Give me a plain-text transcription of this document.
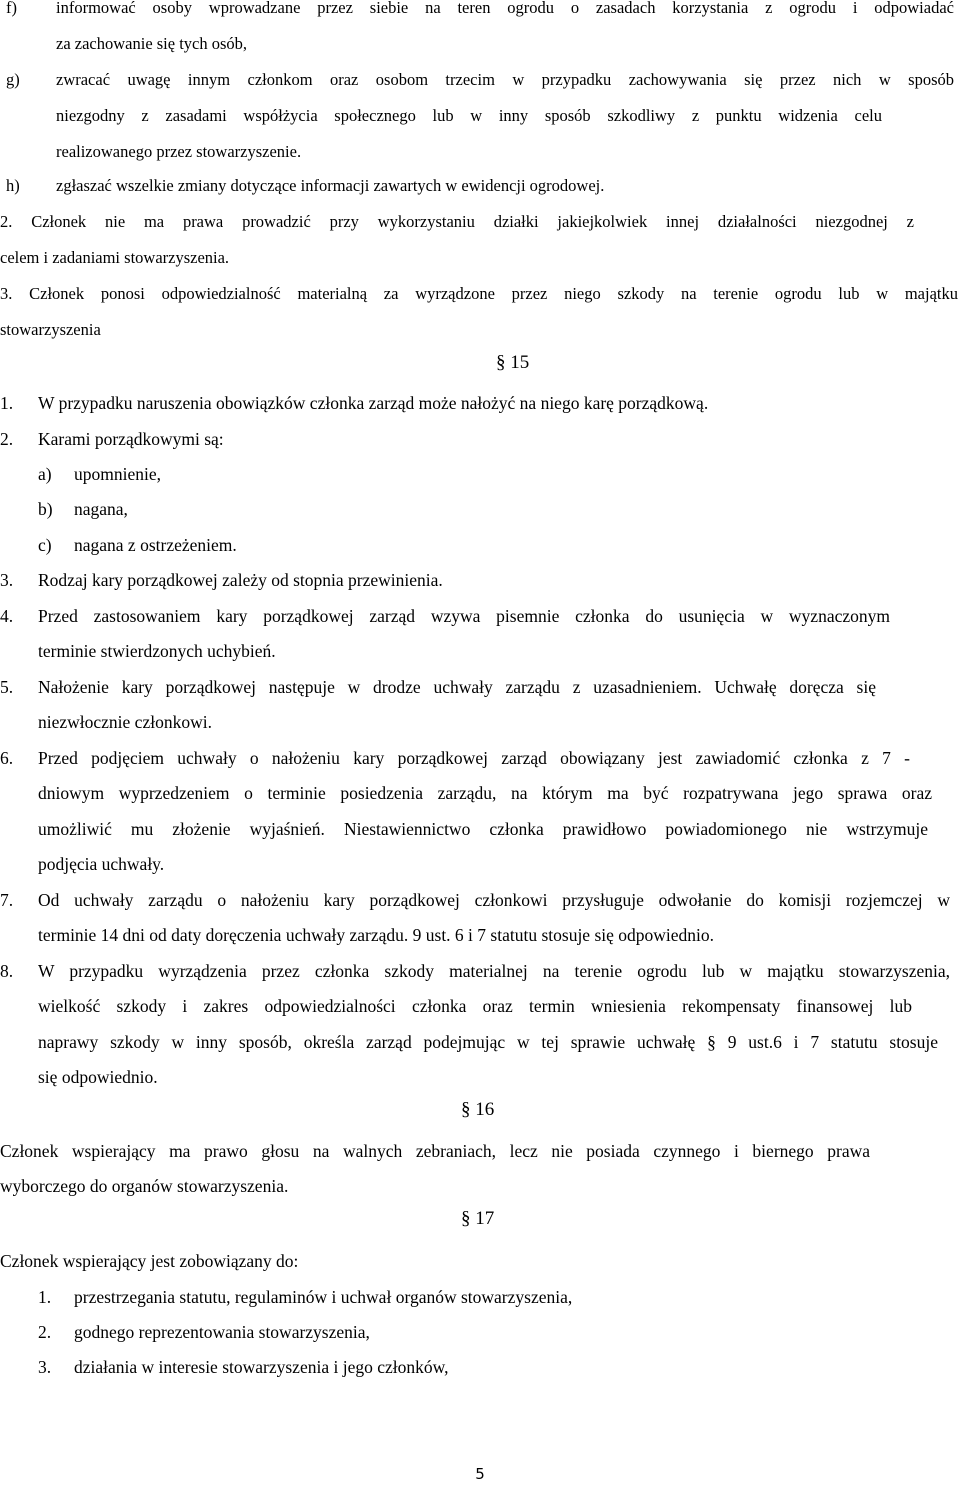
f) informować osoby wprowadzane przez siebie na teren ogrodu o zasadach korzystania z ogrodu i odpowiadać
za zachowanie się tych osób,
g) zwracać uwagę innym członkom oraz osobom trzecim w przypadku zachowywania się przez nich w sposób
niezgodny z zasadami współżycia społecznego lub w inny sposób szkodliwy z punktu widzenia celu
realizowanego przez stowarzyszenie.
h) zgłaszać wszelkie zmiany dotyczące informacji zawartych w ewidencji ogrodowej.
2. Członek nie ma prawa prowadzić przy wykorzystaniu działki jakiejkolwiek innej działalności niezgodnej z
celem i zadaniami stowarzyszenia.
3. Członek ponosi odpowiedzialność materialną za wyrządzone przez niego szkody na terenie ogrodu lub w majątku
stowarzyszenia
§ 15
1. W przypadku naruszenia obowiązków członka zarząd może nałożyć na niego karę porządkową.
2. Karami porządkowymi są:
a) upomnienie,
b) nagana,
c) nagana z ostrzeżeniem.
3. Rodzaj kary porządkowej zależy od stopnia przewinienia.
4. Przed zastosowaniem kary porządkowej zarząd wzywa pisemnie członka do usunięcia w wyznaczonym
terminie stwierdzonych uchybień.
5. Nałożenie kary porządkowej następuje w drodze uchwały zarządu z uzasadnieniem. Uchwałę doręcza się
niezwłocznie członkowi.
6. Przed podjęciem uchwały o nałożeniu kary porządkowej zarząd obowiązany jest zawiadomić członka z 7 -
dniowym wyprzedzeniem o terminie posiedzenia zarządu, na którym ma być rozpatrywana jego sprawa oraz
umożliwić mu złożenie wyjaśnień. Niestawiennictwo członka prawidłowo powiadomionego nie wstrzymuje
podjęcia uchwały.
7. Od uchwały zarządu o nałożeniu kary porządkowej członkowi przysługuje odwołanie do komisji rozjemczej w
terminie 14 dni od daty doręczenia uchwały zarządu. 9 ust. 6 i 7 statutu stosuje się odpowiednio.
8. W przypadku wyrządzenia przez członka szkody materialnej na terenie ogrodu lub w majątku stowarzyszenia,
wielkość szkody i zakres odpowiedzialności członka oraz termin wniesienia rekompensaty finansowej lub
naprawy szkody w inny sposób, określa zarząd podejmując w tej sprawie uchwałę § 9 ust.6 i 7 statutu stosuje
się odpowiednio.
§ 16
Członek wspierający ma prawo głosu na walnych zebraniach, lecz nie posiada czynnego i biernego prawa
wyborczego do organów stowarzyszenia.
§ 17
Członek wspierający jest zobowiązany do:
1. przestrzegania statutu, regulaminów i uchwał organów stowarzyszenia,
2. godnego reprezentowania stowarzyszenia,
3. działania w interesie stowarzyszenia i jego członków,
5
